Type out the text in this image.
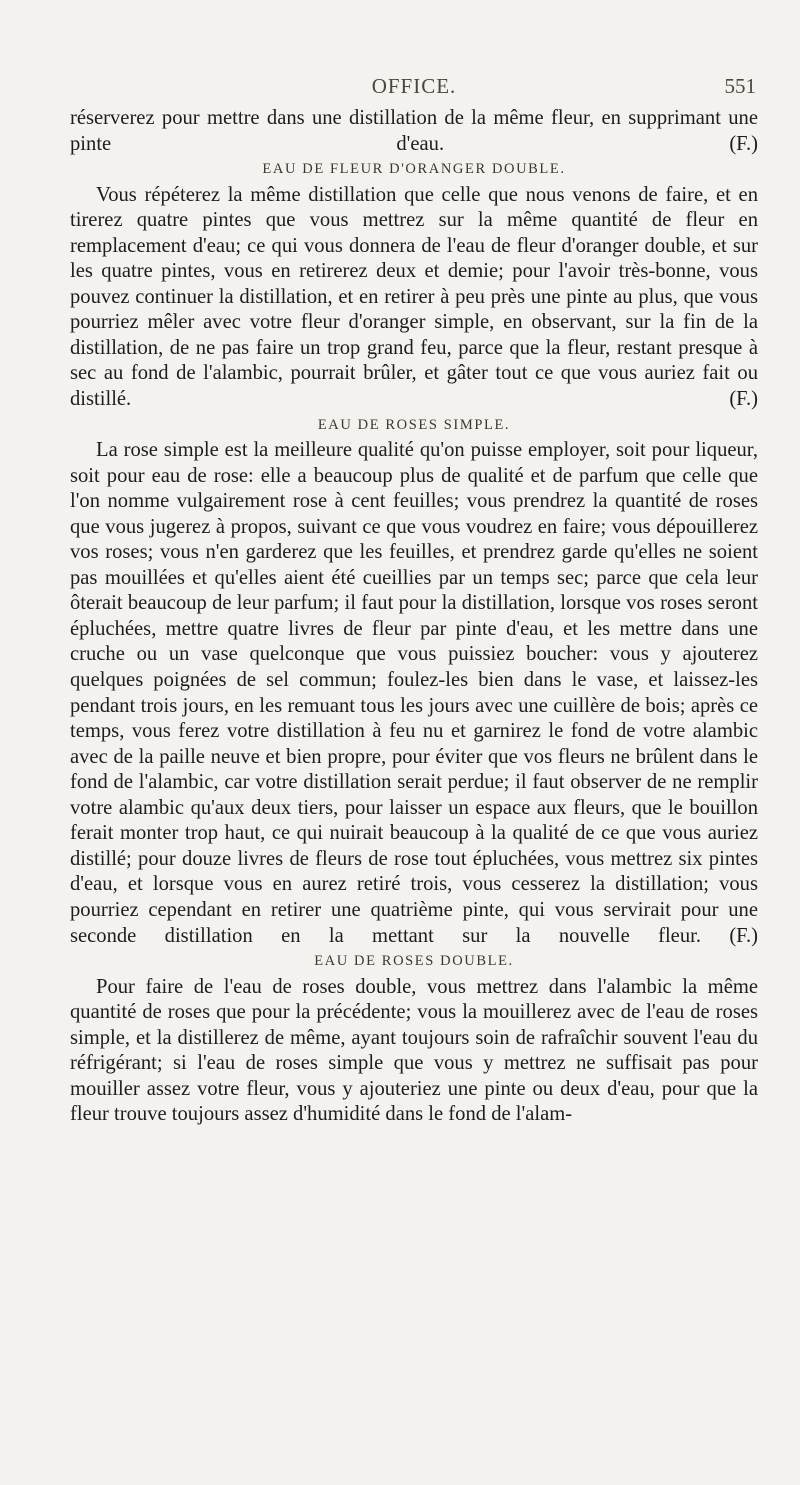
OFFICE.	551

réserverez pour mettre dans une distillation de la même fleur, en supprimant une pinte d'eau. (F.)

EAU DE FLEUR D'ORANGER DOUBLE.

Vous répéterez la même distillation que celle que nous venons de faire, et en tirerez quatre pintes que vous mettrez sur la même quantité de fleur en remplacement d'eau; ce qui vous donnera de l'eau de fleur d'oranger double, et sur les quatre pintes, vous en retirerez deux et demie; pour l'avoir très-bonne, vous pouvez continuer la distillation, et en retirer à peu près une pinte au plus, que vous pourriez mêler avec votre fleur d'oranger simple, en observant, sur la fin de la distillation, de ne pas faire un trop grand feu, parce que la fleur, restant presque à sec au fond de l'alambic, pourrait brûler, et gâter tout ce que vous auriez fait ou distillé. (F.)

EAU DE ROSES SIMPLE.

La rose simple est la meilleure qualité qu'on puisse employer, soit pour liqueur, soit pour eau de rose: elle a beaucoup plus de qualité et de parfum que celle que l'on nomme vulgairement rose à cent feuilles; vous prendrez la quantité de roses que vous jugerez à propos, suivant ce que vous voudrez en faire; vous dépouillerez vos roses; vous n'en garderez que les feuilles, et prendrez garde qu'elles ne soient pas mouillées et qu'elles aient été cueillies par un temps sec; parce que cela leur ôterait beaucoup de leur parfum; il faut pour la distillation, lorsque vos roses seront épluchées, mettre quatre livres de fleur par pinte d'eau, et les mettre dans une cruche ou un vase quelconque que vous puissiez boucher: vous y ajouterez quelques poignées de sel commun; foulez-les bien dans le vase, et laissez-les pendant trois jours, en les remuant tous les jours avec une cuillère de bois; après ce temps, vous ferez votre distillation à feu nu et garnirez le fond de votre alambic avec de la paille neuve et bien propre, pour éviter que vos fleurs ne brûlent dans le fond de l'alambic, car votre distillation serait perdue; il faut observer de ne remplir votre alambic qu'aux deux tiers, pour laisser un espace aux fleurs, que le bouillon ferait monter trop haut, ce qui nuirait beaucoup à la qualité de ce que vous auriez distillé; pour douze livres de fleurs de rose tout épluchées, vous mettrez six pintes d'eau, et lorsque vous en aurez retiré trois, vous cesserez la distillation; vous pourriez cependant en retirer une quatrième pinte, qui vous servirait pour une seconde distillation en la mettant sur la nouvelle fleur. (F.)

EAU DE ROSES DOUBLE.

Pour faire de l'eau de roses double, vous mettrez dans l'alambic la même quantité de roses que pour la précédente; vous la mouillerez avec de l'eau de roses simple, et la distillerez de même, ayant toujours soin de rafraîchir souvent l'eau du réfrigérant; si l'eau de roses simple que vous y mettrez ne suffisait pas pour mouiller assez votre fleur, vous y ajouteriez une pinte ou deux d'eau, pour que la fleur trouve toujours assez d'humidité dans le fond de l'alam-
